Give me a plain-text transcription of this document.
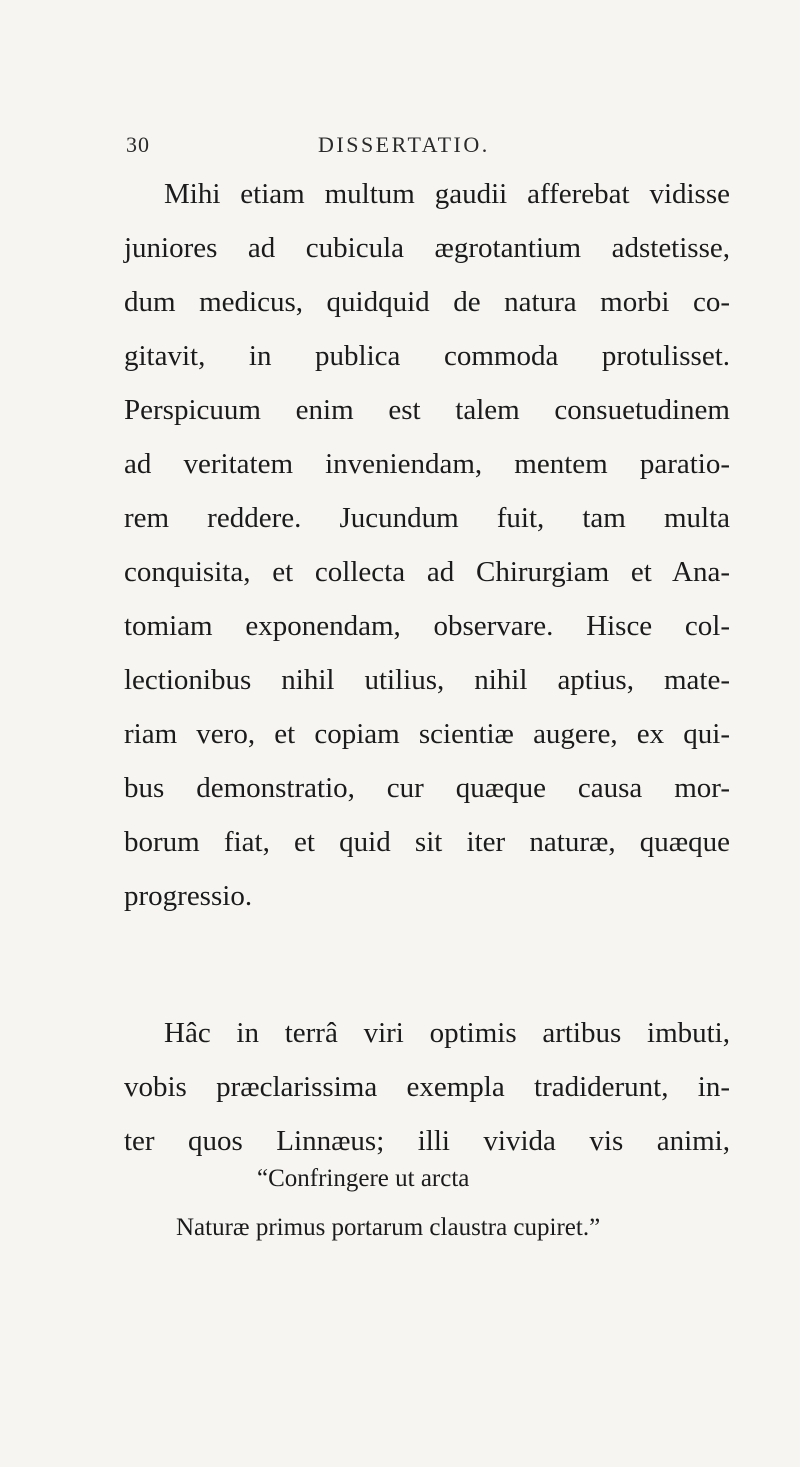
30	DISSERTATIO.
Mihi etiam multum gaudii afferebat vidisse
juniores ad cubicula ægrotantium adstetisse,
dum medicus, quidquid de natura morbi co-
gitavit, in publica commoda protulisset.
Perspicuum enim est talem consuetudinem
ad veritatem inveniendam, mentem paratio-
rem reddere. Jucundum fuit, tam multa
conquisita, et collecta ad Chirurgiam et Ana-
tomiam exponendam, observare. Hisce col-
lectionibus nihil utilius, nihil aptius, mate-
riam vero, et copiam scientiæ augere, ex qui-
bus demonstratio, cur quæque causa mor-
borum fiat, et quid sit iter naturæ, quæque
progressio.
Hâc in terrâ viri optimis artibus imbuti,
vobis præclarissima exempla tradiderunt, in-
ter quos Linnæus; illi vivida vis animi,
“Confringere ut arcta
Naturæ primus portarum claustra cupiret.”
